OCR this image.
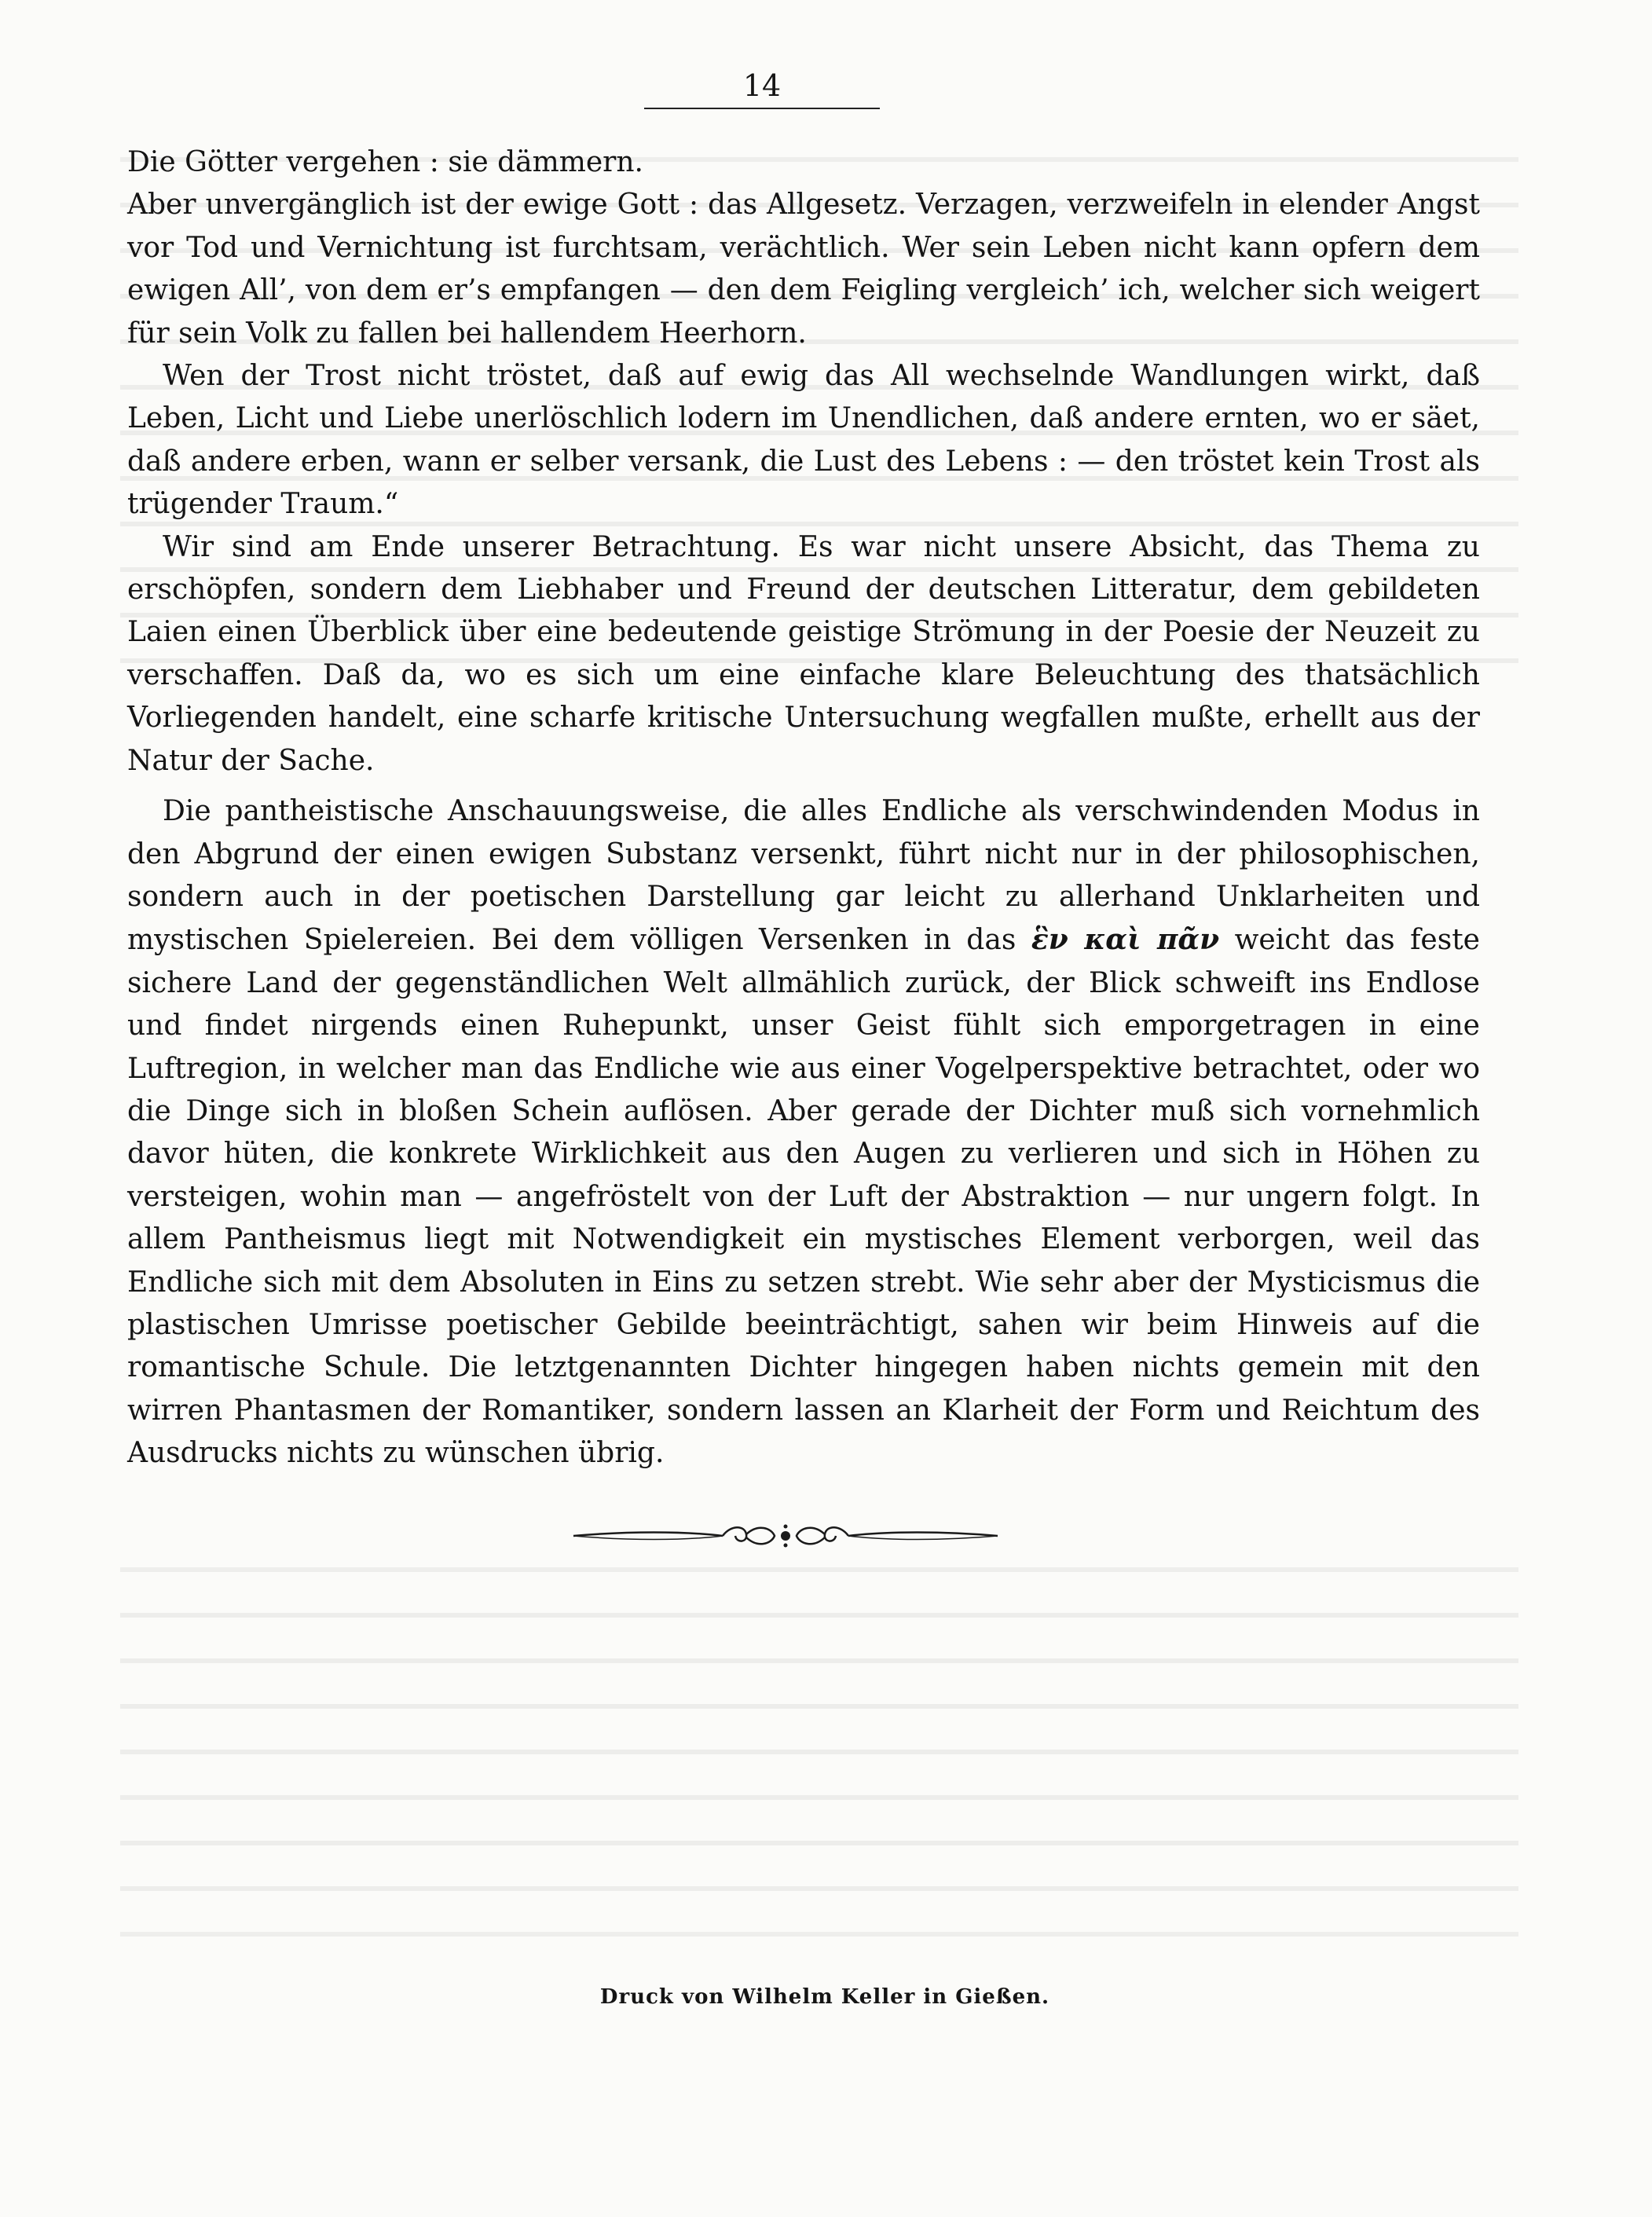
14

Die Götter vergehen : sie dämmern.

Aber unvergänglich ist der ewige Gott : das Allgesetz. Verzagen, verzweifeln in elender Angst vor Tod und Vernichtung ist furchtsam, verächtlich. Wer sein Leben nicht kann opfern dem ewigen All’, von dem er’s empfangen — den dem Feigling vergleich’ ich, welcher sich weigert für sein Volk zu fallen bei hallendem Heerhorn.

Wen der Trost nicht tröstet, daß auf ewig das All wechselnde Wandlungen wirkt, daß Leben, Licht und Liebe unerlöschlich lodern im Unendlichen, daß andere ernten, wo er säet, daß andere erben, wann er selber versank, die Lust des Lebens : — den tröstet kein Trost als trügender Traum.“

Wir sind am Ende unserer Betrachtung. Es war nicht unsere Absicht, das Thema zu erschöpfen, sondern dem Liebhaber und Freund der deutschen Litteratur, dem gebildeten Laien einen Überblick über eine bedeutende geistige Strömung in der Poesie der Neuzeit zu verschaffen. Daß da, wo es sich um eine einfache klare Beleuchtung des thatsächlich Vorliegenden handelt, eine scharfe kritische Untersuchung wegfallen mußte, erhellt aus der Natur der Sache.

Die pantheistische Anschauungsweise, die alles Endliche als verschwindenden Modus in den Abgrund der einen ewigen Substanz versenkt, führt nicht nur in der philosophischen, sondern auch in der poetischen Darstellung gar leicht zu allerhand Unklarheiten und mystischen Spielereien. Bei dem völligen Versenken in das ἓν καὶ πᾶν weicht das feste sichere Land der gegenständlichen Welt allmählich zurück, der Blick schweift ins Endlose und findet nirgends einen Ruhepunkt, unser Geist fühlt sich emporgetragen in eine Luftregion, in welcher man das Endliche wie aus einer Vogelperspektive betrachtet, oder wo die Dinge sich in bloßen Schein auflösen. Aber gerade der Dichter muß sich vornehmlich davor hüten, die konkrete Wirklichkeit aus den Augen zu verlieren und sich in Höhen zu versteigen, wohin man — angefröstelt von der Luft der Abstraktion — nur ungern folgt. In allem Pantheismus liegt mit Notwendigkeit ein mystisches Element verborgen, weil das Endliche sich mit dem Absoluten in Eins zu setzen strebt. Wie sehr aber der Mysticismus die plastischen Umrisse poetischer Gebilde beeinträchtigt, sahen wir beim Hinweis auf die romantische Schule. Die letztgenannten Dichter hingegen haben nichts gemein mit den wirren Phantasmen der Romantiker, sondern lassen an Klarheit der Form und Reichtum des Ausdrucks nichts zu wünschen übrig.

Druck von Wilhelm Keller in Gießen.
